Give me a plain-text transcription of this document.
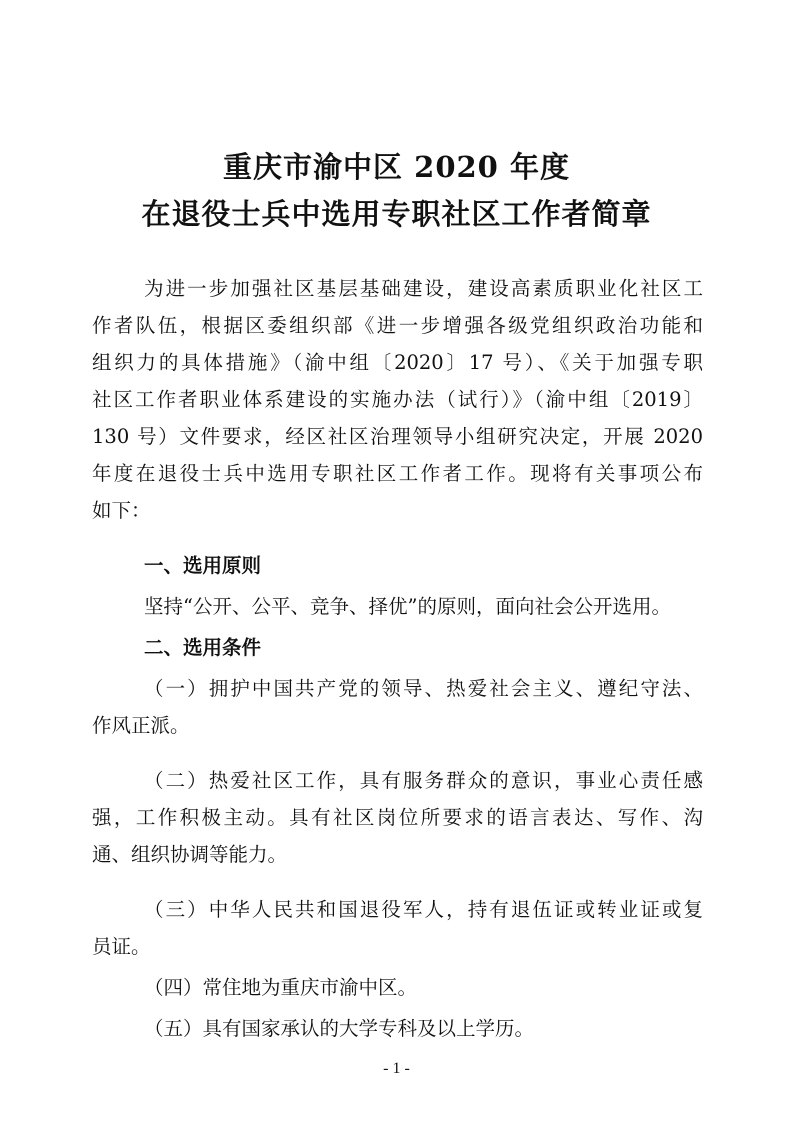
重庆市渝中区 2020 年度
在退役士兵中选用专职社区工作者简章
为进一步加强社区基层基础建设，建设高素质职业化社区工
作者队伍，根据区委组织部《进一步增强各级党组织政治功能和
组织力的具体措施》（渝中组〔2020〕17 号）、《关于加强专职
社区工作者职业体系建设的实施办法（试行）》（渝中组〔2019〕
130 号）文件要求，经区社区治理领导小组研究决定，开展 2020
年度在退役士兵中选用专职社区工作者工作。现将有关事项公布
如下：
一、选用原则
坚持“公开、公平、竞争、择优”的原则，面向社会公开选用。
二、选用条件
（一）拥护中国共产党的领导、热爱社会主义、遵纪守法、
作风正派。
（二）热爱社区工作，具有服务群众的意识，事业心责任感
强，工作积极主动。具有社区岗位所要求的语言表达、写作、沟
通、组织协调等能力。
（三）中华人民共和国退役军人，持有退伍证或转业证或复
员证。
（四）常住地为重庆市渝中区。
（五）具有国家承认的大学专科及以上学历。
- 1 -
